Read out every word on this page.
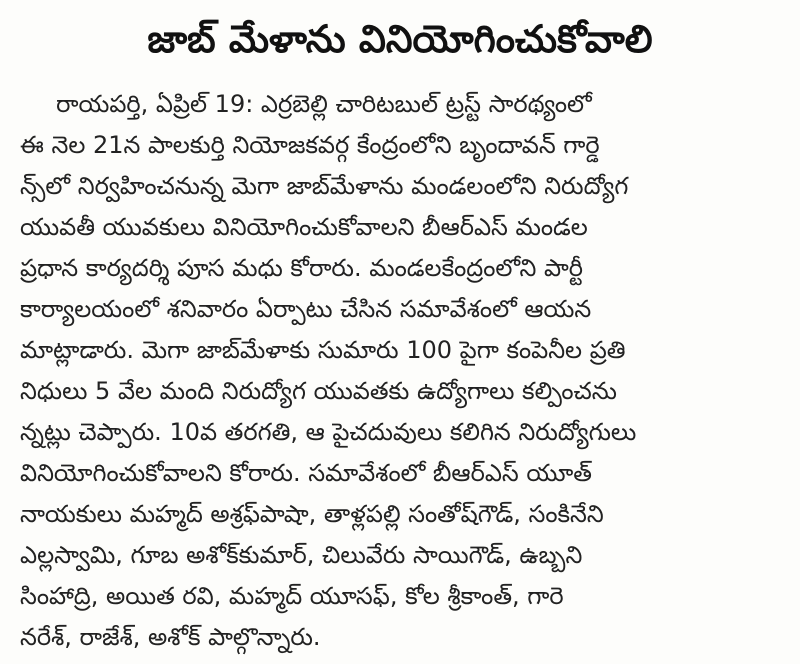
జాబ్ మేళాను వినియోగించుకోవాలి
రాయపర్తి, ఏప్రిల్ 19: ఎర్రబెల్లి చారిటబుల్ ట్రస్ట్ సారథ్యంలో
ఈ నెల 21న పాలకుర్తి నియోజకవర్గ కేంద్రంలోని బృందావన్ గార్డె
న్స్‌లో నిర్వహించనున్న మెగా జాబ్‌మేళాను మండలంలోని నిరుద్యోగ
యువతీ యువకులు వినియోగించుకోవాలని బీఆర్ఎస్ మండల
ప్రధాన కార్యదర్శి పూస మధు కోరారు. మండలకేంద్రంలోని పార్టీ
కార్యాలయంలో శనివారం ఏర్పాటు చేసిన సమావేశంలో ఆయన
మాట్లాడారు. మెగా జాబ్‌మేళాకు సుమారు 100 పైగా కంపెనీల ప్రతి
నిధులు 5 వేల మంది నిరుద్యోగ యువతకు ఉద్యోగాలు కల్పించను
న్నట్లు చెప్పారు. 10వ తరగతి, ఆ పైచదువులు కలిగిన నిరుద్యోగులు
వినియోగించుకోవాలని కోరారు. సమావేశంలో బీఆర్ఎస్ యూత్
నాయకులు మహ్మద్ అశ్రఫ్‌పాషా, తాళ్లపల్లి సంతోష్‌గౌడ్, సంకినేని
ఎల్లస్వామి, గూబ అశోక్‌కుమార్, చిలువేరు సాయిగౌడ్, ఉబ్బని
సింహాద్రి, అయిత రవి, మహ్మద్ యూసఫ్, కోల శ్రీకాంత్, గారె
నరేశ్, రాజేశ్, అశోక్ పాల్గొన్నారు.
